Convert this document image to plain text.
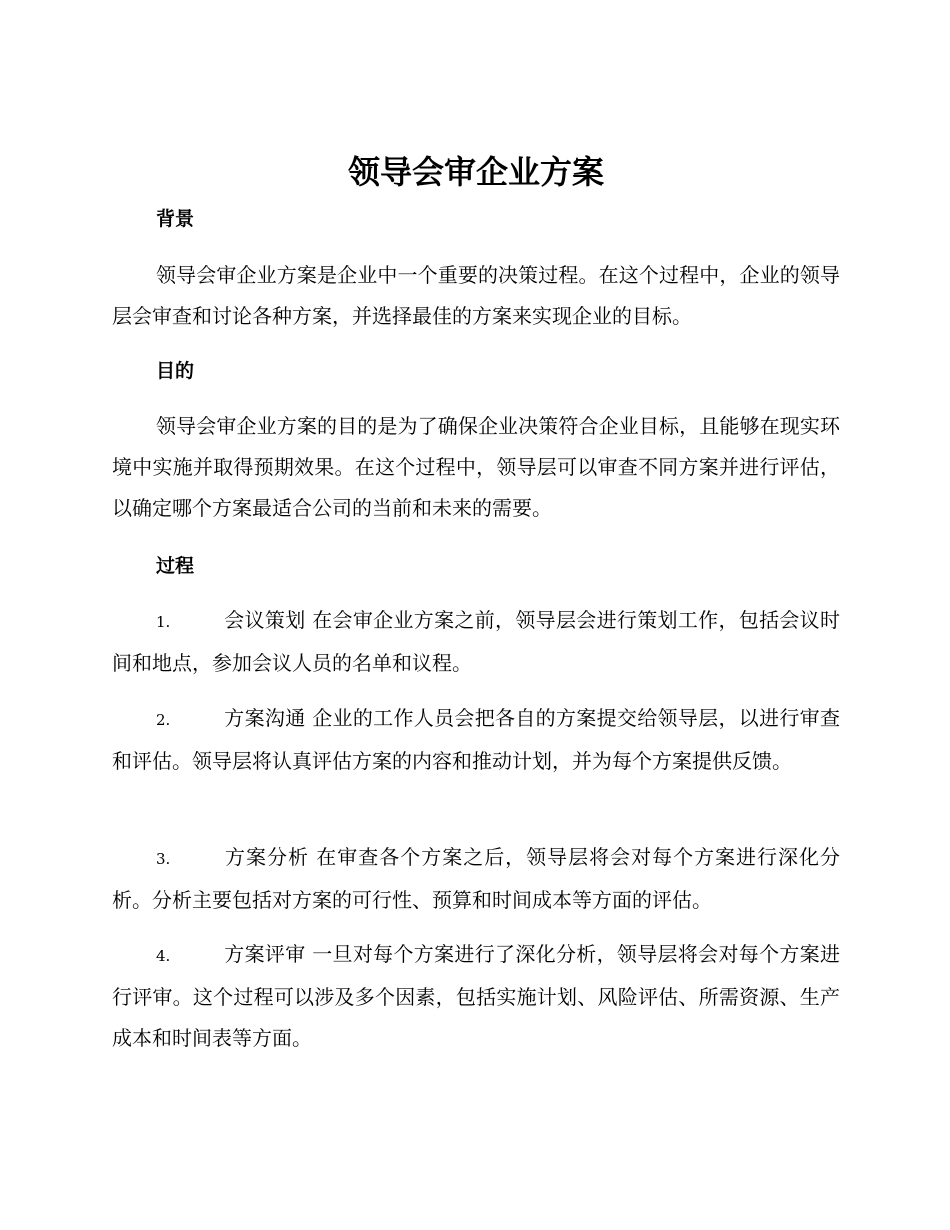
领导会审企业方案
背景

领导会审企业方案是企业中一个重要的决策过程。在这个过程中，企业的领导层会审查和讨论各种方案，并选择最佳的方案来实现企业的目标。

目的

领导会审企业方案的目的是为了确保企业决策符合企业目标，且能够在现实环境中实施并取得预期效果。在这个过程中，领导层可以审查不同方案并进行评估，以确定哪个方案最适合公司的当前和未来的需要。

过程

1.	会议策划 在会审企业方案之前，领导层会进行策划工作，包括会议时间和地点，参加会议人员的名单和议程。

2.	方案沟通 企业的工作人员会把各自的方案提交给领导层，以进行审查和评估。领导层将认真评估方案的内容和推动计划，并为每个方案提供反馈。

3.	方案分析 在审查各个方案之后，领导层将会对每个方案进行深化分析。分析主要包括对方案的可行性、预算和时间成本等方面的评估。

4.	方案评审 一旦对每个方案进行了深化分析，领导层将会对每个方案进行评审。这个过程可以涉及多个因素，包括实施计划、风险评估、所需资源、生产成本和时间表等方面。
